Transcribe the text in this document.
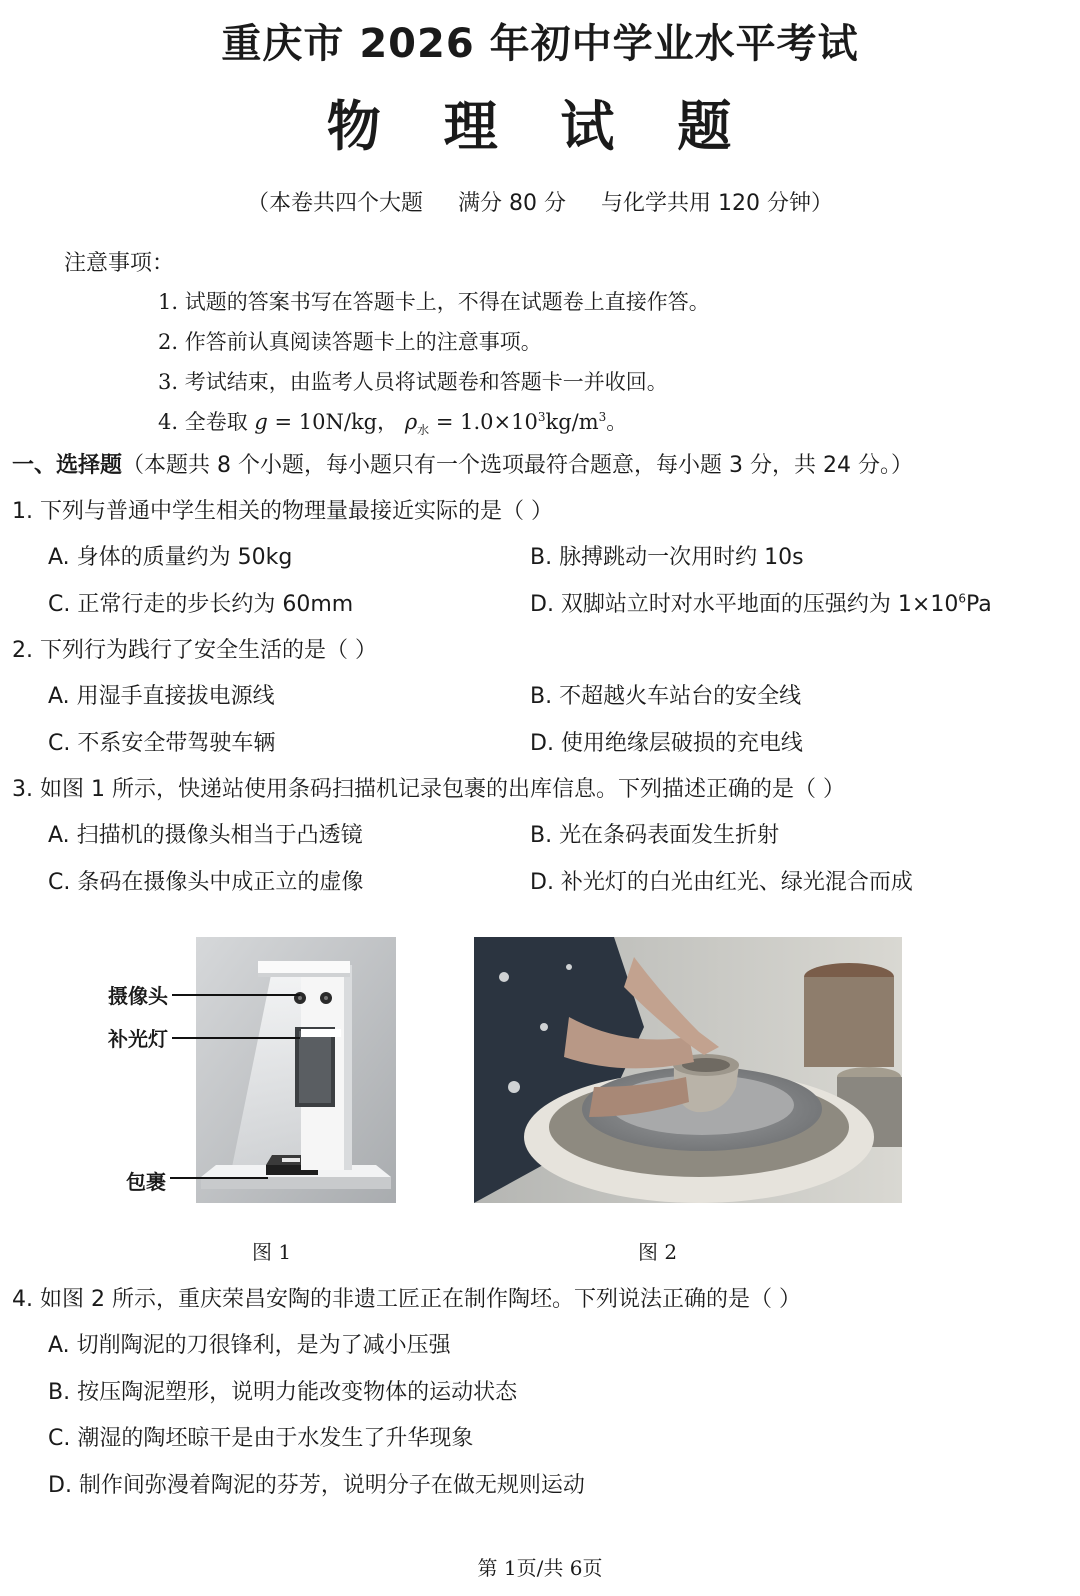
重庆市 2026 年初中学业水平考试
物 理 试 题
（本卷共四个大题 满分 80 分 与化学共用 120 分钟）
注意事项：
1. 试题的答案书写在答题卡上，不得在试题卷上直接作答。
2. 作答前认真阅读答题卡上的注意事项。
3. 考试结束，由监考人员将试题卷和答题卡一并收回。
4. 全卷取 g = 10N/kg， $\rho_水 = 1.0\times 10^3kg/m^3$。
一、选择题（本题共 8 个小题，每小题只有一个选项最符合题意，每小题 3 分，共 24 分。）
1. 下列与普通中学生相关的物理量最接近实际的是（ ）
A. 身体的质量约为 50kg	B. 脉搏跳动一次用时约 10s
C. 正常行走的步长约为 60mm	D. 双脚站立时对水平地面的压强约为 $1\times 10^6Pa$
2. 下列行为践行了安全生活的是（ ）
A. 用湿手直接拔电源线	B. 不超越火车站台的安全线
C. 不系安全带驾驶车辆	D. 使用绝缘层破损的充电线
3. 如图 1 所示，快递站使用条码扫描机记录包裹的出库信息。下列描述正确的是（ ）
A. 扫描机的摄像头相当于凸透镜	B. 光在条码表面发生折射
C. 条码在摄像头中成正立的虚像	D. 补光灯的白光由红光、绿光混合而成
摄像头
补光灯
包裹
图 1	图 2
4. 如图 2 所示，重庆荣昌安陶的非遗工匠正在制作陶坯。下列说法正确的是（ ）
A. 切削陶泥的刀很锋利，是为了减小压强
B. 按压陶泥塑形，说明力能改变物体的运动状态
C. 潮湿的陶坯晾干是由于水发生了升华现象
D. 制作间弥漫着陶泥的芬芳，说明分子在做无规则运动
第 1页/共 6页
